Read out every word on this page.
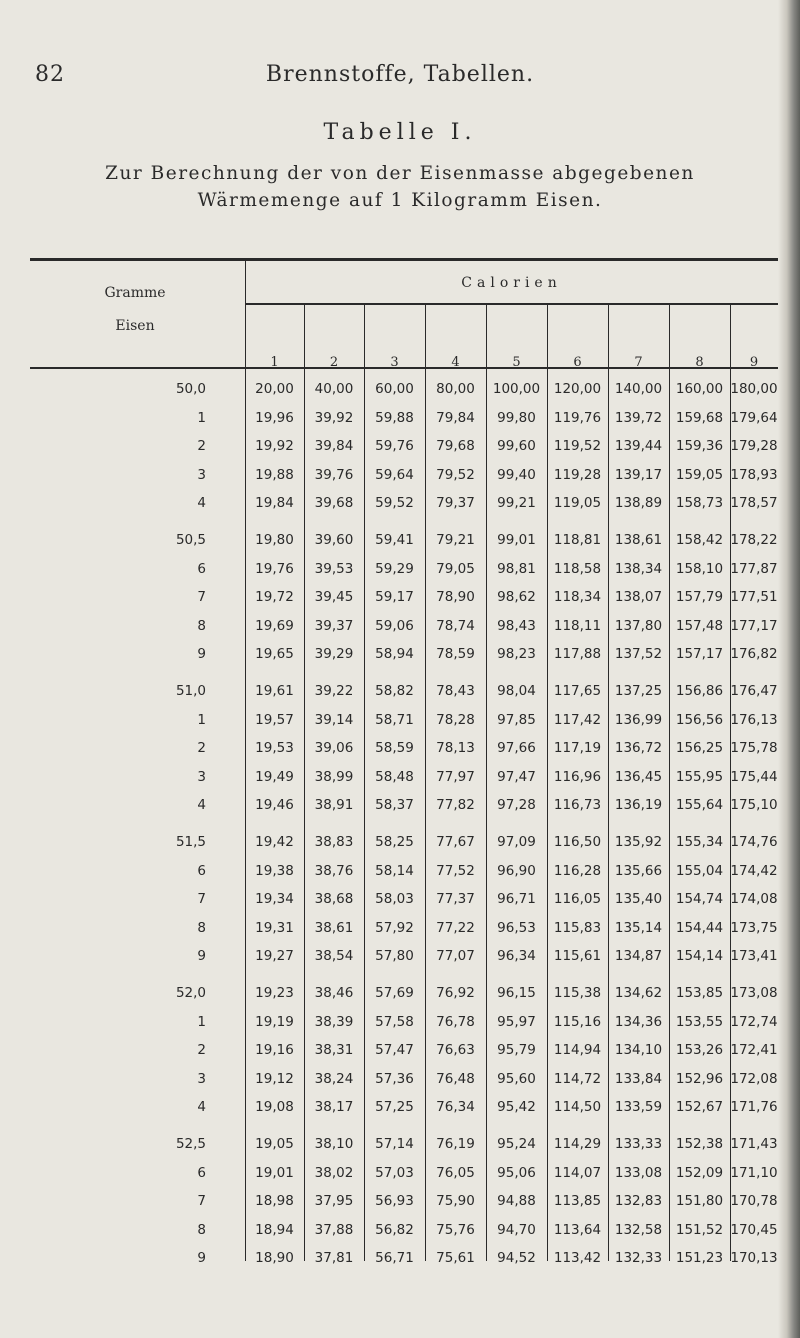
82	Brennstoffe, Tabellen.
Tabelle I.
Zur Berechnung der von der Eisenmasse abgegebenen
Wärmemenge auf 1 Kilogramm Eisen.
Gramme
Eisen
Calorien
1	2	3	4	5	6	7	8	9
50,0	20,00	40,00	60,00	80,00	100,00	120,00	140,00	160,00 180,00
1	19,96	39,92	59,88	79,84	99,80	119,76	139,72	159,68 179,64
2	19,92	39,84	59,76	79,68	99,60	119,52	139,44	159,36 179,28
3	19,88	39,76	59,64	79,52	99,40	119,28	139,17	159,05 178,93
4	19,84	39,68	59,52	79,37	99,21	119,05	138,89	158,73 178,57
50,5	19,80	39,60	59,41	79,21	99,01	118,81	138,61	158,42 178,22
6	19,76	39,53	59,29	79,05	98,81	118,58	138,34	158,10 177,87
7	19,72	39,45	59,17	78,90	98,62	118,34	138,07	157,79 177,51
8	19,69	39,37	59,06	78,74	98,43	118,11	137,80	157,48 177,17
9	19,65	39,29	58,94	78,59	98,23	117,88	137,52	157,17 176,82
51,0	19,61	39,22	58,82	78,43	98,04	117,65	137,25	156,86 176,47
1	19,57	39,14	58,71	78,28	97,85	117,42	136,99	156,56 176,13
2	19,53	39,06	58,59	78,13	97,66	117,19	136,72	156,25 175,78
3	19,49	38,99	58,48	77,97	97,47	116,96	136,45	155,95 175,44
4	19,46	38,91	58,37	77,82	97,28	116,73	136,19	155,64 175,10
51,5	19,42	38,83	58,25	77,67	97,09	116,50	135,92	155,34 174,76
6	19,38	38,76	58,14	77,52	96,90	116,28	135,66	155,04 174,42
7	19,34	38,68	58,03	77,37	96,71	116,05	135,40	154,74 174,08
8	19,31	38,61	57,92	77,22	96,53	115,83	135,14	154,44 173,75
9	19,27	38,54	57,80	77,07	96,34	115,61	134,87	154,14 173,41
52,0	19,23	38,46	57,69	76,92	96,15	115,38	134,62	153,85 173,08
1	19,19	38,39	57,58	76,78	95,97	115,16	134,36	153,55 172,74
2	19,16	38,31	57,47	76,63	95,79	114,94	134,10	153,26 172,41
3	19,12	38,24	57,36	76,48	95,60	114,72	133,84	152,96 172,08
4	19,08	38,17	57,25	76,34	95,42	114,50	133,59	152,67 171,76
52,5	19,05	38,10	57,14	76,19	95,24	114,29	133,33	152,38 171,43
6	19,01	38,02	57,03	76,05	95,06	114,07	133,08	152,09 171,10
7	18,98	37,95	56,93	75,90	94,88	113,85	132,83	151,80 170,78
8	18,94	37,88	56,82	75,76	94,70	113,64	132,58	151,52 170,45
9	18,90	37,81	56,71	75,61	94,52	113,42	132,33	151,23 170,13
